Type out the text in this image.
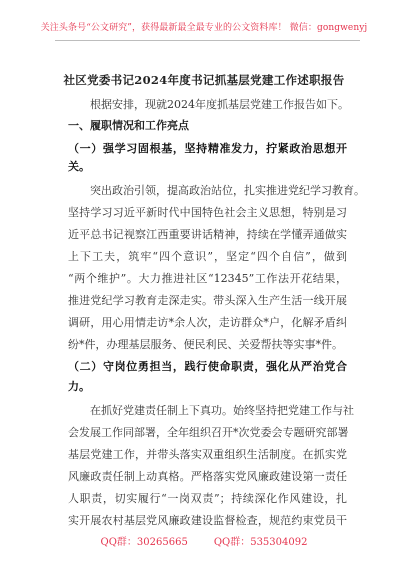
关注头条号“公文研究”，获得最新最全最专业的公文资料库！ 微信：gongwenyj
社区党委书记2024年度书记抓基层党建工作述职报告
根据安排，现就2024年度抓基层党建工作报告如下。
一、履职情况和工作亮点
（一）强学习固根基，坚持精准发力，拧紧政治思想开
关。
突出政治引领，提高政治站位，扎实推进党纪学习教育。
坚持学习习近平新时代中国特色社会主义思想，特别是习
近平总书记视察江西重要讲话精神，持续在学懂弄通做实
上下工夫，筑牢“四个意识”，坚定“四个自信”，做到
“两个维护”。大力推进社区“12345”工作法开花结果，
推进党纪学习教育走深走实。带头深入生产生活一线开展
调研，用心用情走访*余人次，走访群众*户，化解矛盾纠
纷*件，办理基层服务、便民利民、关爱帮扶等实事*件。
（二）守岗位勇担当，践行使命职责，强化从严治党合
力。
在抓好党建责任制上下真功。始终坚持把党建工作与社
会发展工作同部署，全年组织召开*次党委会专题研究部署
基层党建工作，并带头落实双重组织生活制度。在抓实党
风廉政责任制上动真格。严格落实党风廉政建设第一责任
人职责，切实履行“一岗双责”；持续深化作风建设，扎
实开展农村基层党风廉政建设监督检查，规范约束党员干
QQ群：30265665	QQ群：535304092
